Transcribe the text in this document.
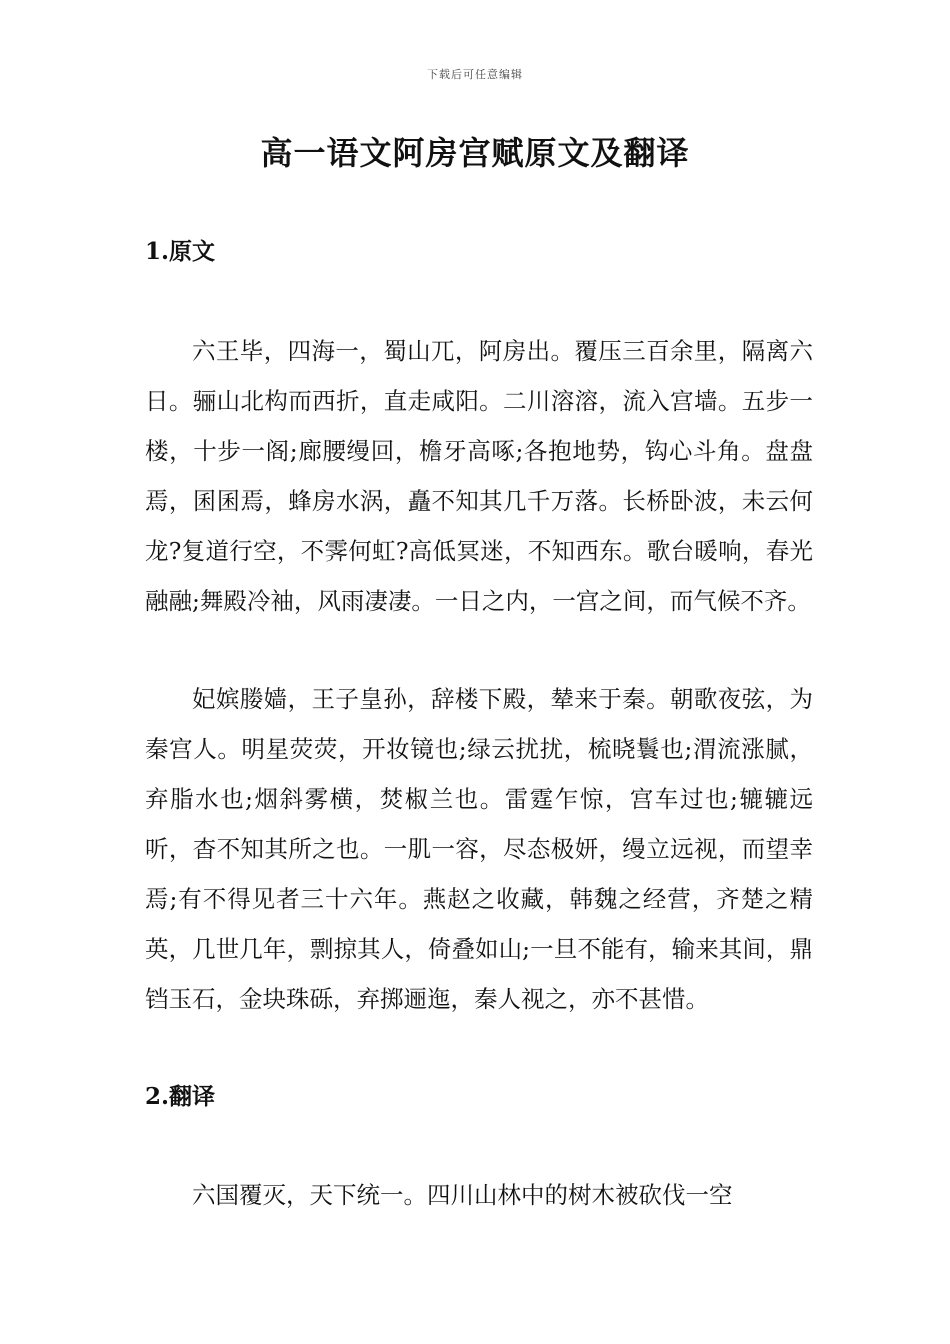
下载后可任意编辑
高一语文阿房宫赋原文及翻译
1.原文

六王毕，四海一，蜀山兀，阿房出。覆压三百余里，隔离六日。骊山北构而西折，直走咸阳。二川溶溶，流入宫墙。五步一楼，十步一阁;廊腰缦回，檐牙高啄;各抱地势，钩心斗角。盘盘焉，囷囷焉，蜂房水涡，矗不知其几千万落。长桥卧波，未云何龙?复道行空，不霁何虹?高低冥迷，不知西东。歌台暖响，春光融融;舞殿冷袖，风雨凄凄。一日之内，一宫之间，而气候不齐。

妃嫔媵嫱，王子皇孙，辞楼下殿，辇来于秦。朝歌夜弦，为秦宫人。明星荧荧，开妆镜也;绿云扰扰，梳晓鬟也;渭流涨腻，弃脂水也;烟斜雾横，焚椒兰也。雷霆乍惊，宫车过也;辘辘远听，杳不知其所之也。一肌一容，尽态极妍，缦立远视，而望幸焉;有不得见者三十六年。燕赵之收藏，韩魏之经营，齐楚之精英，几世几年，剽掠其人，倚叠如山;一旦不能有，输来其间，鼎铛玉石，金块珠砾，弃掷逦迤，秦人视之，亦不甚惜。

2.翻译

六国覆灭，天下统一。四川山林中的树木被砍伐一空
